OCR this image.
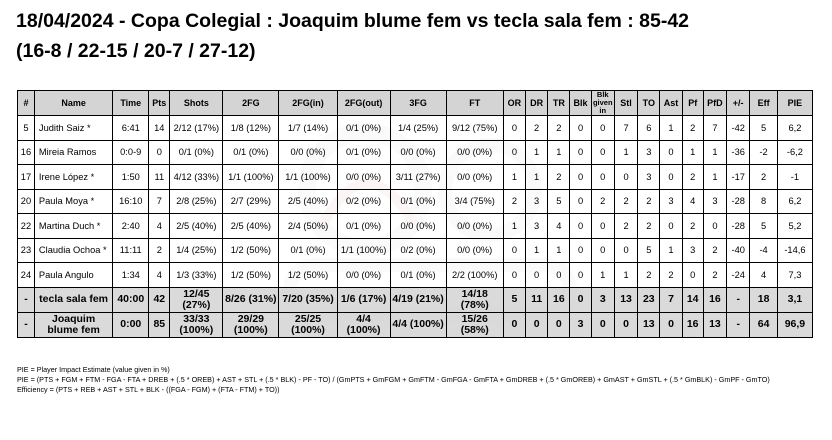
18/04/2024 - Copa Colegial : Joaquim blume fem vs tecla sala fem : 85-42
(16-8 / 22-15 / 20-7 / 27-12)
#	Name	Time	Pts	Shots	2FG	2FG(in)	2FG(out)	3FG	FT	OR	DR	TR	Blk	Blk given in	Stl	TO	Ast	Pf	PfD	+/-	Eff	PIE
5	Judith Saiz *	6:41	14	2/12 (17%)	1/8 (12%)	1/7 (14%)	0/1 (0%)	1/4 (25%)	9/12 (75%)	0	2	2	0	0	7	6	1	2	7	-42	5	6,2
16	Mireia Ramos	0:0-9	0	0/1 (0%)	0/1 (0%)	0/0 (0%)	0/1 (0%)	0/0 (0%)	0/0 (0%)	0	1	1	0	0	1	3	0	1	1	-36	-2	-6,2
17	Irene López *	1:50	11	4/12 (33%)	1/1 (100%)	1/1 (100%)	0/0 (0%)	3/11 (27%)	0/0 (0%)	1	1	2	0	0	0	3	0	2	1	-17	2	-1
20	Paula Moya *	16:10	7	2/8 (25%)	2/7 (29%)	2/5 (40%)	0/2 (0%)	0/1 (0%)	3/4 (75%)	2	3	5	0	2	2	2	3	4	3	-28	8	6,2
22	Martina Duch *	2:40	4	2/5 (40%)	2/5 (40%)	2/4 (50%)	0/1 (0%)	0/0 (0%)	0/0 (0%)	1	3	4	0	0	2	2	0	2	0	-28	5	5,2
23	Claudia Ochoa *	11:11	2	1/4 (25%)	1/2 (50%)	0/1 (0%)	1/1 (100%)	0/2 (0%)	0/0 (0%)	0	1	1	0	0	0	5	1	3	2	-40	-4	-14,6
24	Paula Angulo	1:34	4	1/3 (33%)	1/2 (50%)	1/2 (50%)	0/0 (0%)	0/1 (0%)	2/2 (100%)	0	0	0	0	1	1	2	2	0	2	-24	4	7,3
-	tecla sala fem	40:00	42	12/45 (27%)	8/26 (31%)	7/20 (35%)	1/6 (17%)	4/19 (21%)	14/18 (78%)	5	11	16	0	3	13	23	7	14	16	-	18	3,1
-	Joaquim blume fem	0:00	85	33/33 (100%)	29/29 (100%)	25/25 (100%)	4/4 (100%)	4/4 (100%)	15/26 (58%)	0	0	0	3	0	0	13	0	16	13	-	64	96,9

PIE = Player Impact Estimate (value given in %)

PIE = (PTS + FGM + FTM - FGA - FTA + DREB + (.5 * OREB) + AST + STL + (.5 * BLK) - PF - TO) / (GmPTS + GmFGM + GmFTM - GmFGA - GmFTA + GmDREB + (.5 * GmOREB) + GmAST + GmSTL + (.5 * GmBLK) - GmPF - GmTO)

Efficiency = (PTS + REB + AST + STL + BLK - ((FGA - FGM) + (FTA - FTM) + TO))
